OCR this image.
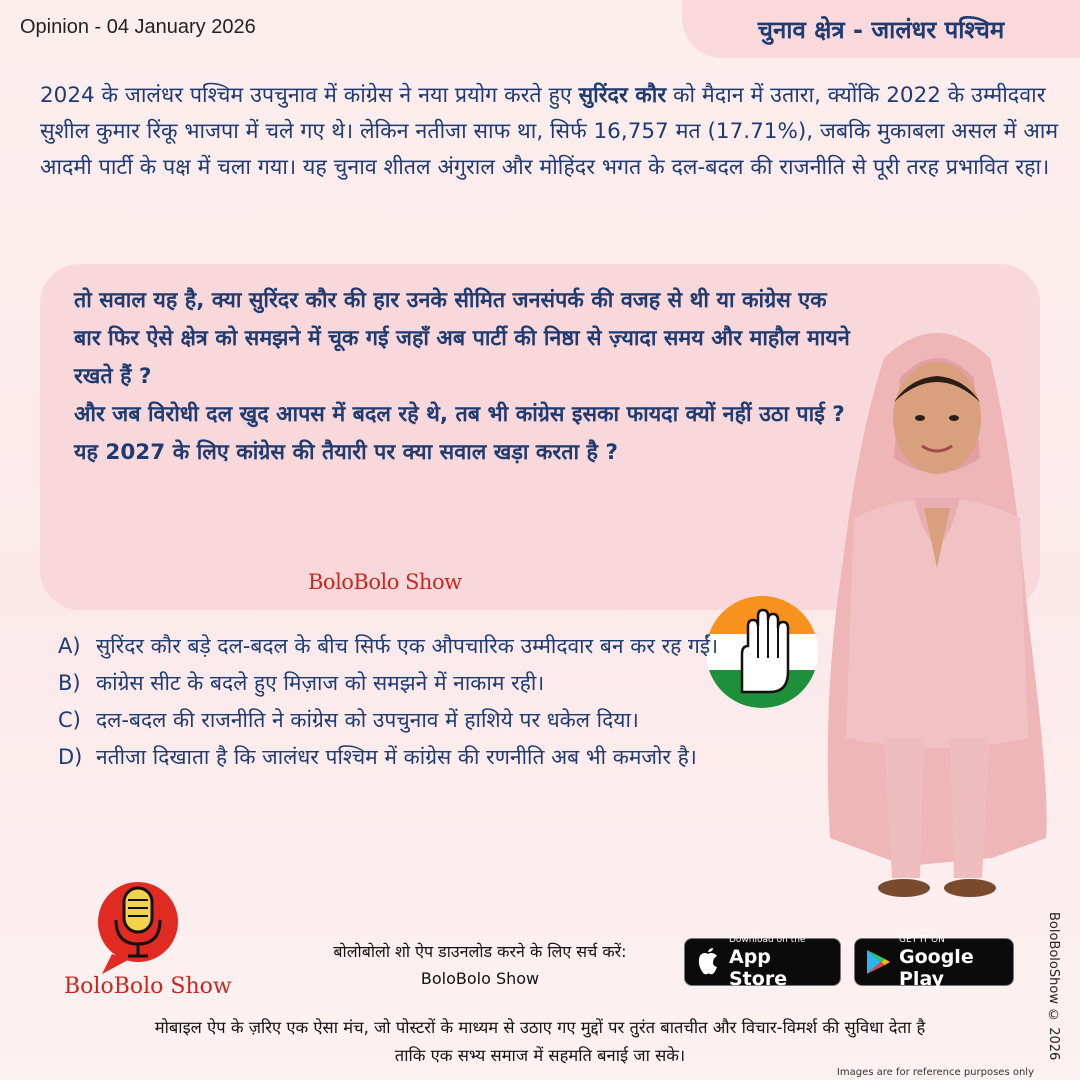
Opinion - 04 January 2026	चुनाव क्षेत्र - जालंधर पश्चिम
2024 के जालंधर पश्चिम उपचुनाव में कांग्रेस ने नया प्रयोग करते हुए सुरिंदर कौर को मैदान में उतारा, क्योंकि 2022 के उम्मीदवार सुशील कुमार रिंकू भाजपा में चले गए थे। लेकिन नतीजा साफ था, सिर्फ 16,757 मत (17.71%), जबकि मुकाबला असल में आम आदमी पार्टी के पक्ष में चला गया। यह चुनाव शीतल अंगुराल और मोहिंदर भगत के दल-बदल की राजनीति से पूरी तरह प्रभावित रहा।

तो सवाल यह है, क्या सुरिंदर कौर की हार उनके सीमित जनसंपर्क की वजह से थी या कांग्रेस एक बार फिर ऐसे क्षेत्र को समझने में चूक गई जहाँ अब पार्टी की निष्ठा से ज़्यादा समय और माहौल मायने रखते हैं ?

और जब विरोधी दल खुद आपस में बदल रहे थे, तब भी कांग्रेस इसका फायदा क्यों नहीं उठा पाई ?

यह 2027 के लिए कांग्रेस की तैयारी पर क्या सवाल खड़ा करता है ?

BoloBolo Show
A) सुरिंदर कौर बड़े दल-बदल के बीच सिर्फ एक औपचारिक उम्मीदवार बन कर रह गईं।
B) कांग्रेस सीट के बदले हुए मिज़ाज को समझने में नाकाम रही।
C) दल-बदल की राजनीति ने कांग्रेस को उपचुनाव में हाशिये पर धकेल दिया।
D) नतीजा दिखाता है कि जालंधर पश्चिम में कांग्रेस की रणनीति अब भी कमजोर है।
BoloBolo Show
बोलोबोलो शो ऐप डाउनलोड करने के लिए सर्च करें:
BoloBolo Show
Download on the
App Store
GET IT ON
Google Play	BoloBoloShow © 2026
मोबाइल ऐप के ज़रिए एक ऐसा मंच, जो पोस्टरों के माध्यम से उठाए गए मुद्दों पर तुरंत बातचीत और विचार-विमर्श की सुविधा देता है
ताकि एक सभ्य समाज में सहमति बनाई जा सके।
Images are for reference purposes only
